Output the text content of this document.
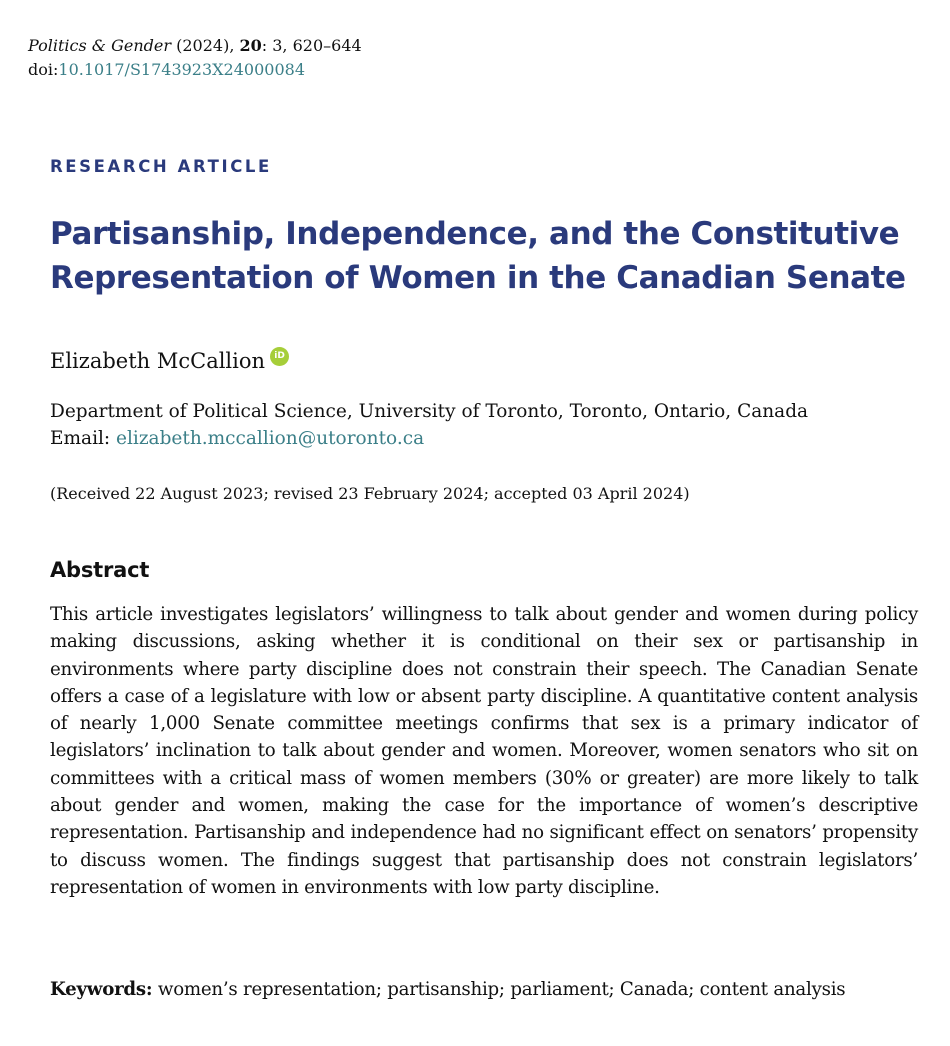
Politics & Gender (2024), 20: 3, 620–644
doi:10.1017/S1743923X24000084
RESEARCH ARTICLE
Partisanship, Independence, and the Constitutive Representation of Women in the Canadian Senate
Elizabeth McCallion	iD
Department of Political Science, University of Toronto, Toronto, Ontario, Canada
Email: elizabeth.mccallion@utoronto.ca
(Received 22 August 2023; revised 23 February 2024; accepted 03 April 2024)
Abstract

This article investigates legislators’ willingness to talk about gender and women during policy making discussions, asking whether it is conditional on their sex or partisanship in environments where party discipline does not constrain their speech. The Canadian Senate offers a case of a legislature with low or absent party discipline. A quantitative content analysis of nearly 1,000 Senate committee meetings confirms that sex is a primary indicator of legislators’ inclination to talk about gender and women. Moreover, women senators who sit on committees with a critical mass of women members (30% or greater) are more likely to talk about gender and women, making the case for the importance of women’s descriptive representation. Partisanship and independence had no significant effect on senators’ propensity to discuss women. The findings suggest that partisanship does not constrain legislators’ representation of women in environments with low party discipline.

Keywords: women’s representation; partisanship; parliament; Canada; content analysis
